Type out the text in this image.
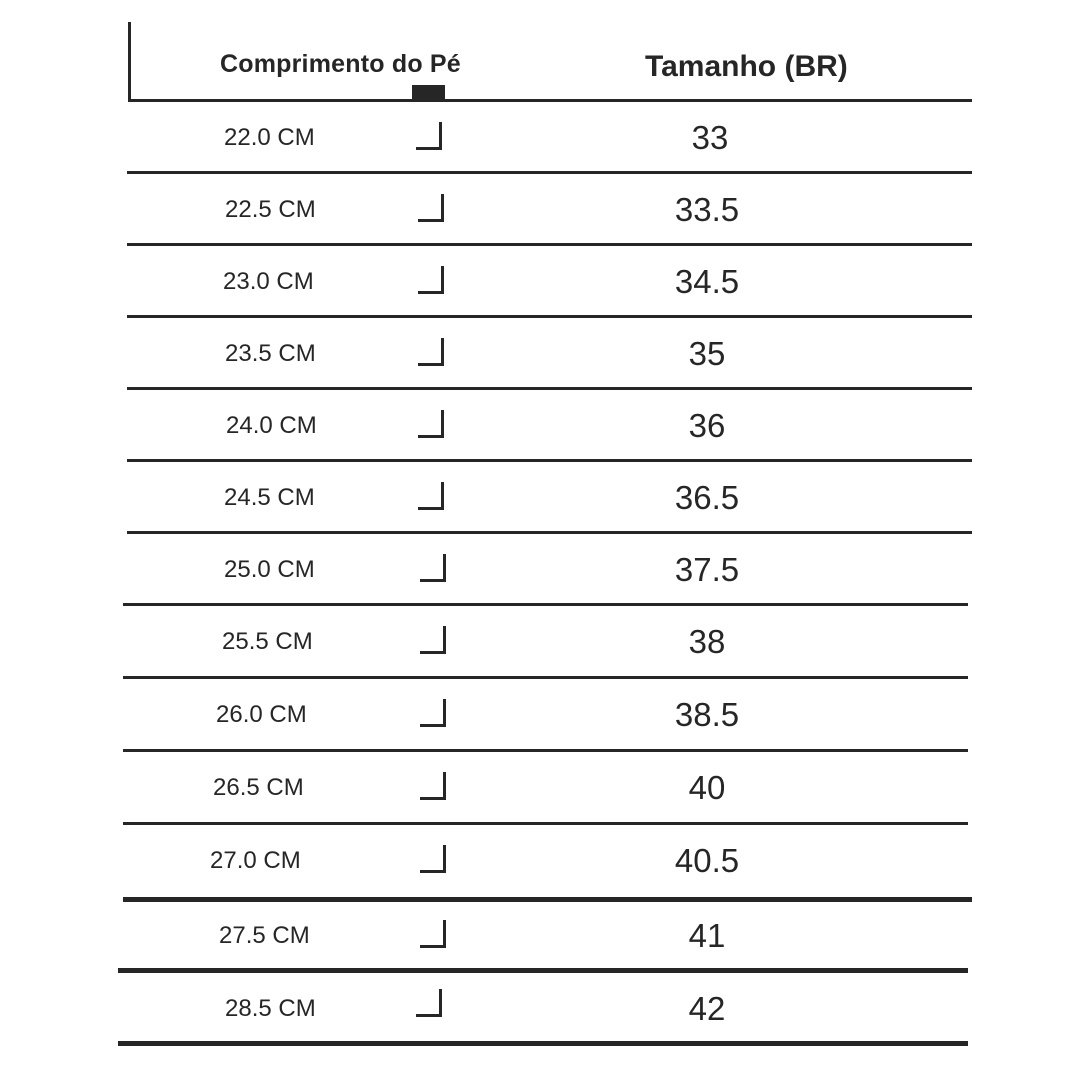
Comprimento do Pé	Tamanho (BR)
22.0 CM	33
22.5 CM	33.5
23.0 CM	34.5
23.5 CM	35
24.0 CM	36
24.5 CM	36.5
25.0 CM	37.5
25.5 CM	38
26.0 CM	38.5
26.5 CM	40
27.0 CM	40.5
27.5 CM	41
28.5 CM	42
